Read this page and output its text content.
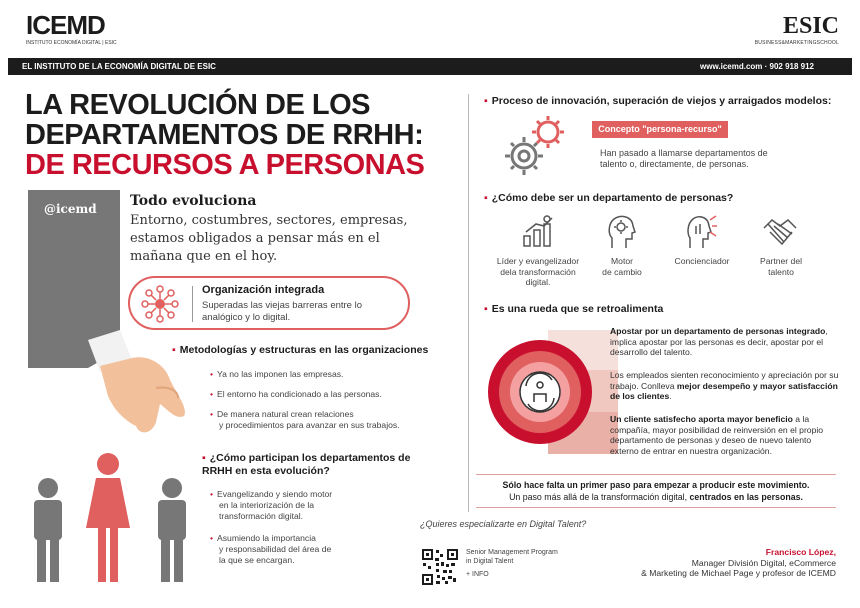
ICEMD
INSTITUTO ECONOMÍA DIGITAL | ESIC
ESIC
BUSINESS&MARKETINGSCHOOL
EL INSTITUTO DE LA ECONOMÍA DIGITAL DE ESIC	www.icemd.com · 902 918 912
LA REVOLUCIÓN DE LOS
DEPARTAMENTOS DE RRHH:
DE RECURSOS A PERSONAS
@icemd Todo evoluciona
Entorno, costumbres, sectores, empresas, estamos obligados a pensar más en el mañana que en el hoy.
Organización integrada
Superadas las viejas barreras entre lo analógico y lo digital.
▪ Metodologías y estructuras en las organizaciones
• Ya no las imponen las empresas.
• El entorno ha condicionado a las personas.
• De manera natural crean relaciones
y procedimientos para avanzar en sus trabajos.
▪ ¿Cómo participan los departamentos de
RRHH en esta evolución?
• Evangelizando y siendo motor
en la interiorización de la
transformación digital.
• Asumiendo la importancia
y responsabilidad del área de
la que se encargan.
▪ Proceso de innovación, superación de viejos y arraigados modelos:
Concepto "persona-recurso"
Han pasado a llamarse departamentos de
talento o, directamente, de personas.
▪ ¿Cómo debe ser un departamento de personas?
Líder y evangelizador
dela transformación
digital.
Motor
de cambio
Concienciador	Partner del
talento
▪ Es una rueda que se retroalimenta
Apostar por un departamento de personas integrado, implica apostar por las personas es decir, apostar por el desarrollo del talento.
Los empleados sienten reconocimiento y apreciación por su trabajo. Conlleva mejor desempeño y mayor satisfacción de los clientes.
Un cliente satisfecho aporta mayor beneficio a la compañía, mayor posibilidad de reinversión en el propio departamento de personas y deseo de nuevo talento externo de entrar en nuestra organización.
Sólo hace falta un primer paso para empezar a producir este movimiento.
Un paso más allá de la transformación digital, centrados en las personas.
¿Quieres especializarte en Digital Talent?
Senior Management Program
in Digital Talent
+ INFO
Francisco López,
Manager División Digital, eCommerce
& Marketing de Michael Page y profesor de ICEMD
